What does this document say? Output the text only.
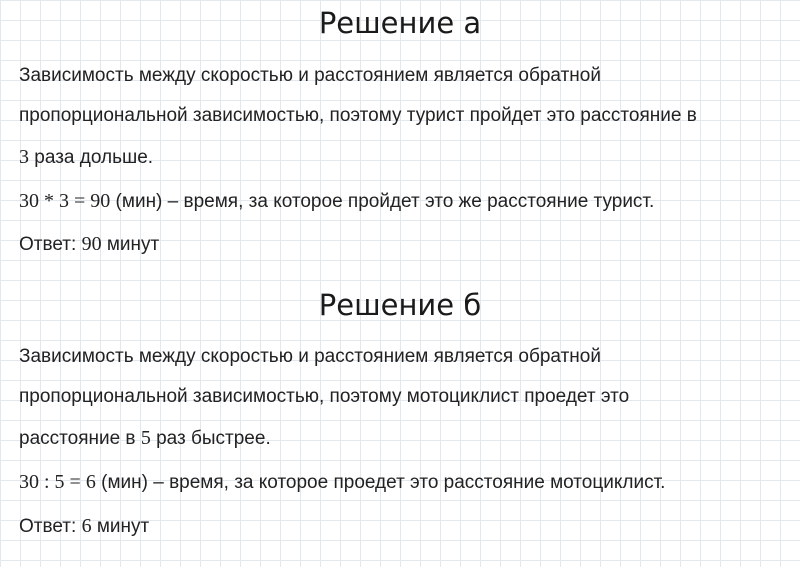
Решение а
Зависимость между скоростью и расстоянием является обратной
пропорциональной зависимостью, поэтому турист пройдет это расстояние в
3 раза дольше.
30 * 3 = 90 (мин) – время, за которое пройдет это же расстояние турист.
Ответ: 90 минут
Решение б
Зависимость между скоростью и расстоянием является обратной
пропорциональной зависимостью, поэтому мотоциклист проедет это
расстояние в 5 раз быстрее.
30 : 5 = 6 (мин) – время, за которое проедет это расстояние мотоциклист.
Ответ: 6 минут
